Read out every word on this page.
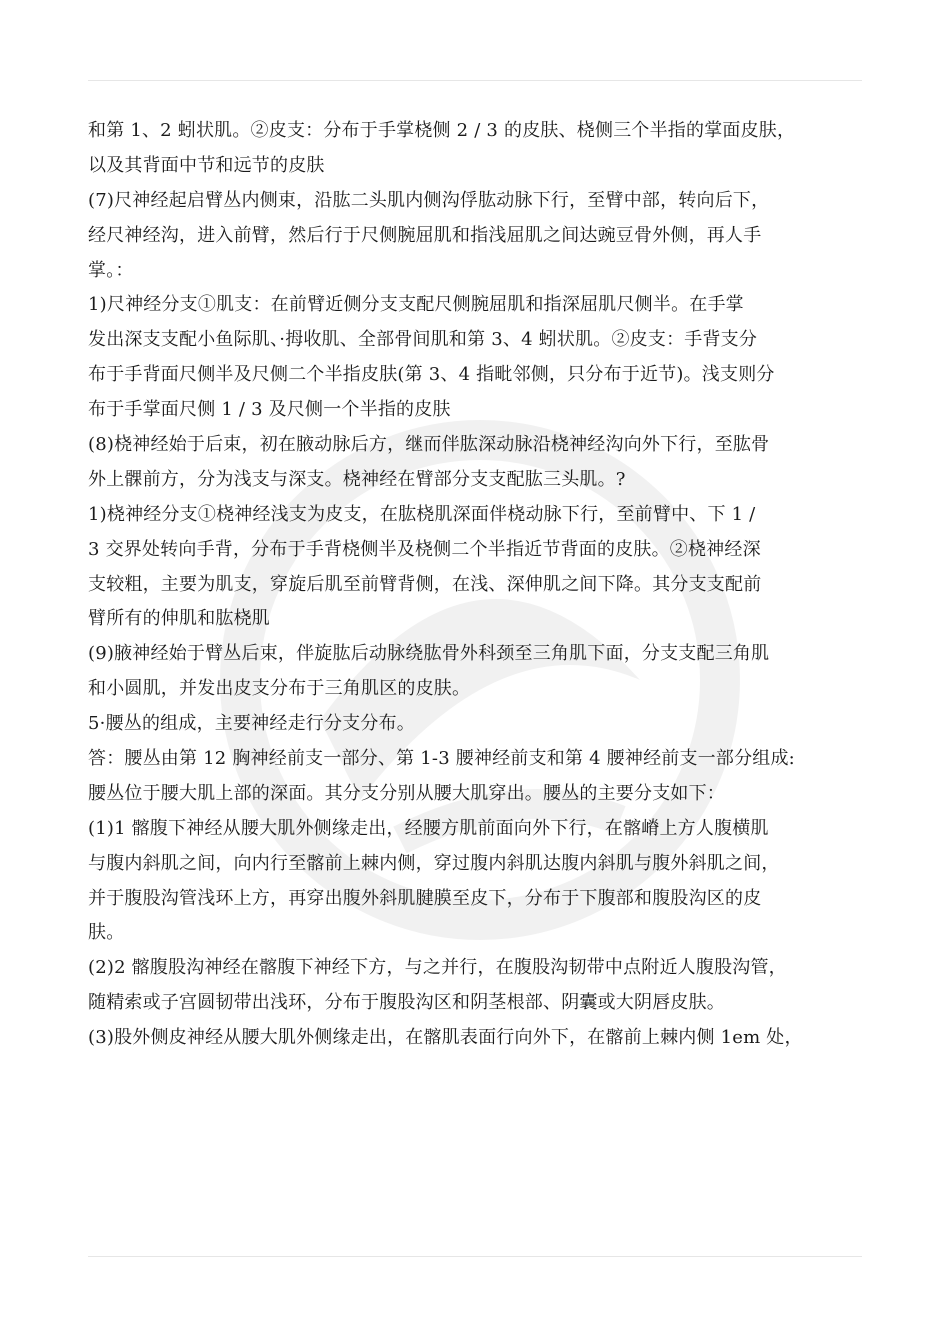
和第 1、2 蚓状肌。②皮支：分布于手掌桡侧 2 / 3 的皮肤、桡侧三个半指的掌面皮肤，
以及其背面中节和远节的皮肤
(7)尺神经起启臂丛内侧束，沿肱二头肌内侧沟俘肱动脉下行，至臂中部，转向后下，
经尺神经沟，进入前臂，然后行于尺侧腕屈肌和指浅屈肌之间达豌豆骨外侧，再人手
掌。：
1)尺神经分支①肌支：在前臂近侧分支支配尺侧腕屈肌和指深屈肌尺侧半。在手掌
发出深支支配小鱼际肌、·拇收肌、全部骨间肌和第 3、4 蚓状肌。②皮支：手背支分
布于手背面尺侧半及尺侧二个半指皮肤(第 3、4 指毗邻侧，只分布于近节)。浅支则分
布于手掌面尺侧 1 / 3 及尺侧一个半指的皮肤
(8)桡神经始于后束，初在腋动脉后方，继而伴肱深动脉沿桡神经沟向外下行，至肱骨
外上髁前方，分为浅支与深支。桡神经在臂部分支支配肱三头肌。?
1)桡神经分支①桡神经浅支为皮支，在肱桡肌深面伴桡动脉下行，至前臂中、下 1 /
3 交界处转向手背，分布于手背桡侧半及桡侧二个半指近节背面的皮肤。②桡神经深
支较粗，主要为肌支，穿旋后肌至前臂背侧，在浅、深伸肌之间下降。其分支支配前
臂所有的伸肌和肱桡肌
(9)腋神经始于臂丛后束，伴旋肱后动脉绕肱骨外科颈至三角肌下面，分支支配三角肌
和小圆肌，并发出皮支分布于三角肌区的皮肤。
5·腰丛的组成，主要神经走行分支分布。
答：腰丛由第 12 胸神经前支一部分、第 1-3 腰神经前支和第 4 腰神经前支一部分组成:
腰丛位于腰大肌上部的深面。其分支分别从腰大肌穿出。腰丛的主要分支如下：
(1)1 髂腹下神经从腰大肌外侧缘走出，经腰方肌前面向外下行，在髂嵴上方人腹横肌
与腹内斜肌之间，向内行至髂前上棘内侧，穿过腹内斜肌达腹内斜肌与腹外斜肌之间，
并于腹股沟管浅环上方，再穿出腹外斜肌腱膜至皮下，分布于下腹部和腹股沟区的皮
肤。
(2)2 髂腹股沟神经在髂腹下神经下方，与之并行，在腹股沟韧带中点附近人腹股沟管，
随精索或子宫圆韧带出浅环，分布于腹股沟区和阴茎根部、阴囊或大阴唇皮肤。
(3)股外侧皮神经从腰大肌外侧缘走出，在髂肌表面行向外下，在髂前上棘内侧 1em 处，
